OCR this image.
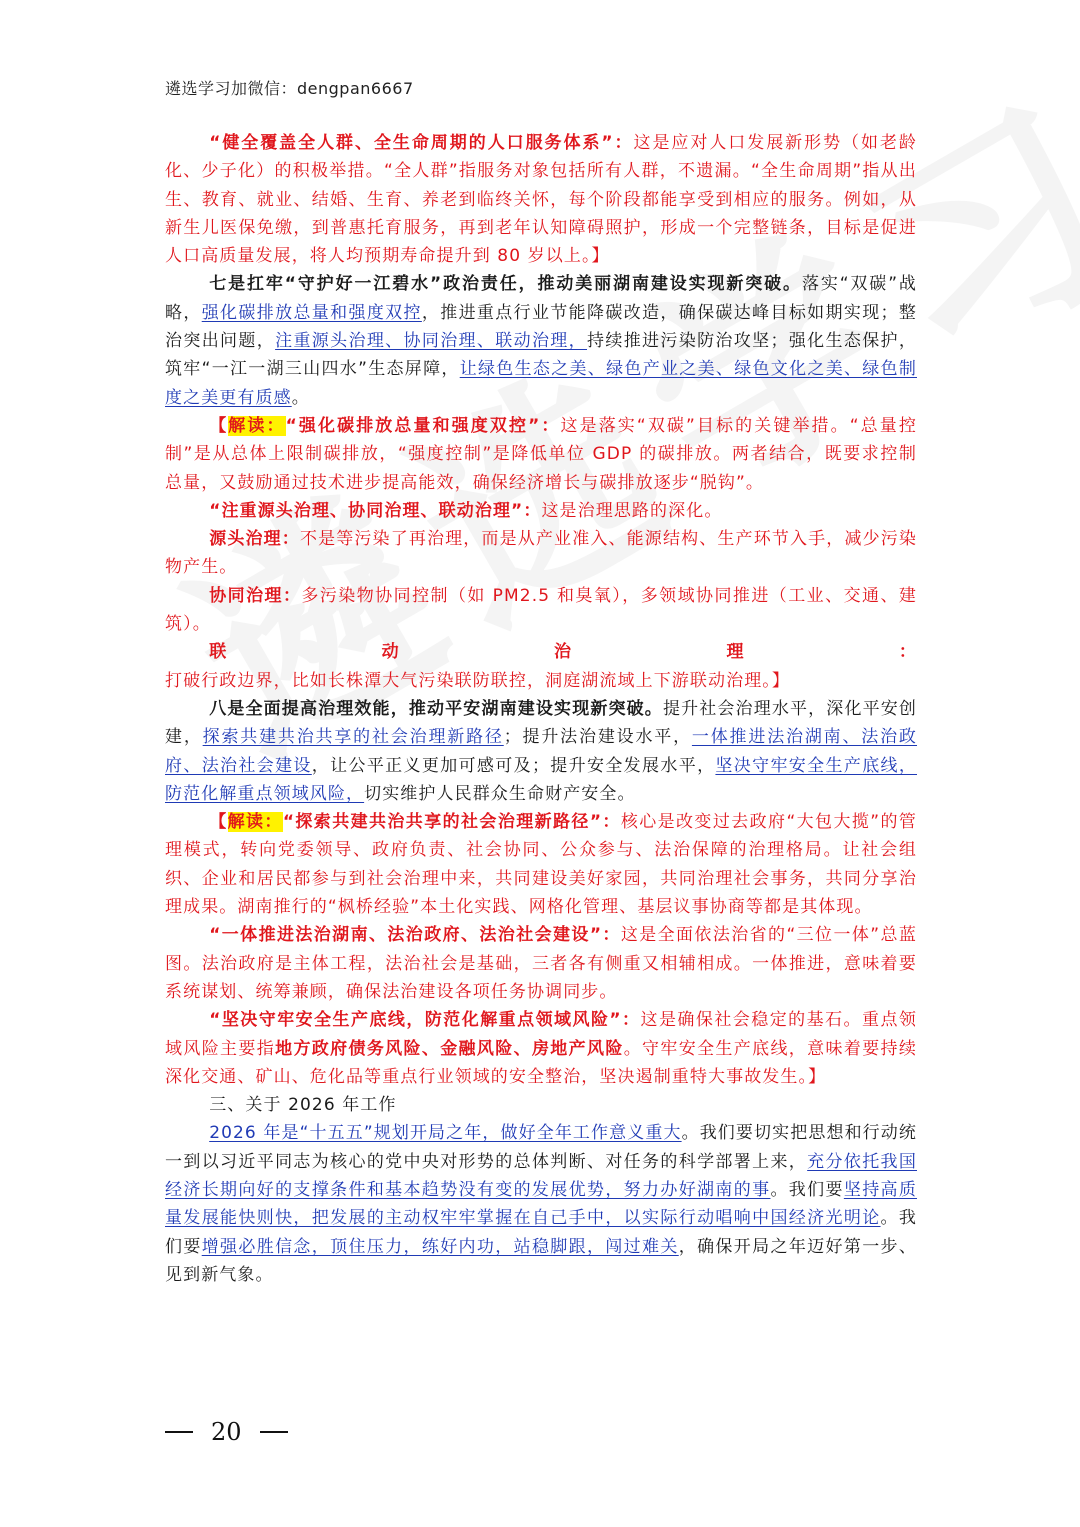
遴选学习加微信：dengpan6667

“健全覆盖全人群、全生命周期的人口服务体系”：这是应对人口发展新形势（如老龄化、少子化）的积极举措。“全人群”指服务对象包括所有人群，不遗漏。“全生命周期”指从出生、教育、就业、结婚、生育、养老到临终关怀，每个阶段都能享受到相应的服务。例如，从新生儿医保免缴，到普惠托育服务，再到老年认知障碍照护，形成一个完整链条，目标是促进人口高质量发展，将人均预期寿命提升到 80 岁以上。】

七是扛牢“守护好一江碧水”政治责任，推动美丽湖南建设实现新突破。落实“双碳”战略，强化碳排放总量和强度双控，推进重点行业节能降碳改造，确保碳达峰目标如期实现；整治突出问题，注重源头治理、协同治理、联动治理，持续推进污染防治攻坚；强化生态保护，筑牢“一江一湖三山四水”生态屏障，让绿色生态之美、绿色产业之美、绿色文化之美、绿色制度之美更有质感。

【解读：“强化碳排放总量和强度双控”：这是落实“双碳”目标的关键举措。“总量控制”是从总体上限制碳排放，“强度控制”是降低单位 GDP 的碳排放。两者结合，既要求控制总量，又鼓励通过技术进步提高能效，确保经济增长与碳排放逐步“脱钩”。

“注重源头治理、协同治理、联动治理”：这是治理思路的深化。

源头治理：不是等污染了再治理，而是从产业准入、能源结构、生产环节入手，减少污染物产生。

协同治理：多污染物协同控制（如 PM2.5 和臭氧），多领域协同推进（工业、交通、建筑）。

联动治理：打破行政边界，比如长株潭大气污染联防联控，洞庭湖流域上下游联动治理。】

八是全面提高治理效能，推动平安湖南建设实现新突破。提升社会治理水平，深化平安创建，探索共建共治共享的社会治理新路径；提升法治建设水平，一体推进法治湖南、法治政府、法治社会建设，让公平正义更加可感可及；提升安全发展水平，坚决守牢安全生产底线，防范化解重点领域风险，切实维护人民群众生命财产安全。

【解读：“探索共建共治共享的社会治理新路径”：核心是改变过去政府“大包大揽”的管理模式，转向党委领导、政府负责、社会协同、公众参与、法治保障的治理格局。让社会组织、企业和居民都参与到社会治理中来，共同建设美好家园，共同治理社会事务，共同分享治理成果。湖南推行的“枫桥经验”本土化实践、网格化管理、基层议事协商等都是其体现。

“一体推进法治湖南、法治政府、法治社会建设”：这是全面依法治省的“三位一体”总蓝图。法治政府是主体工程，法治社会是基础，三者各有侧重又相辅相成。一体推进，意味着要系统谋划、统筹兼顾，确保法治建设各项任务协调同步。

“坚决守牢安全生产底线，防范化解重点领域风险”：这是确保社会稳定的基石。重点领域风险主要指地方政府债务风险、金融风险、房地产风险。守牢安全生产底线，意味着要持续深化交通、矿山、危化品等重点行业领域的安全整治，坚决遏制重特大事故发生。】

三、关于 2026 年工作

2026 年是“十五五”规划开局之年，做好全年工作意义重大。我们要切实把思想和行动统一到以习近平同志为核心的党中央对形势的总体判断、对任务的科学部署上来，充分依托我国经济长期向好的支撑条件和基本趋势没有变的发展优势，努力办好湖南的事。我们要坚持高质量发展能快则快，把发展的主动权牢牢掌握在自己手中，以实际行动唱响中国经济光明论。我们要增强必胜信念，顶住压力，练好内功，站稳脚跟，闯过难关，确保开局之年迈好第一步、见到新气象。

20
